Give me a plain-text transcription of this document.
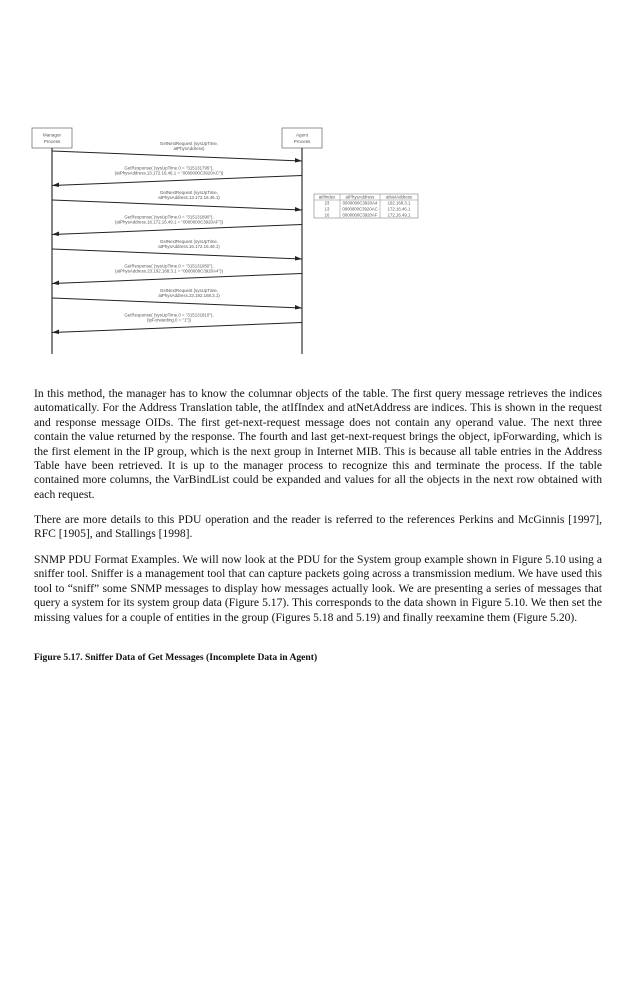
Manager
Process
Agent
Process
GetNextRequest (sysUpTime,
atPhysAddress)
GetResponse( (sysUpTime.0 = "315131795"),
(atPhysAddress.13.172.16.46.1 = "0000000C3920AC"))
GetNextRequest (sysUpTime,
atPhysAddress.13.172.16.46.1)
GetResponse( (sysUpTime.0 = "315131890"),
(atPhysAddress.16.172.16.49.1 = "0000000C3920AF"))
GetNextRequest (sysUpTime,
atPhysAddress.16.172.16.49.1)
GetResponse( (sysUpTime.0 = "315131950"),
(atPhysAddress.23.192.168.3.1 = "0000000C3920A4"))
GetNextRequest (sysUpTime,
atPhysAddress.23.192.168.3.1)
GetResponse( (sysUpTime.0 = "315131810"),
(ipForwarding.0 = "1"))
atIfIndex atPhysAddress	atNetAddress
23	0000000C3920A4 192.168.3.1
13	0000000C3920AC 172.16.46.1
16	0000000C3920AF 172.16.49.1

In this method, the manager has to know the columnar objects of the table. The first query message retrieves the indices automatically. For the Address Translation table, the atIfIndex and atNetAddress are indices. This is shown in the request and response message OIDs. The first get-next-request message does not contain any operand value. The next three contain the value returned by the response. The fourth and last get-next-request brings the object, ipForwarding, which is the first element in the IP group, which is the next group in Internet MIB. This is because all table entries in the Address Table have been retrieved. It is up to the manager process to recognize this and terminate the process. If the table contained more columns, the VarBindList could be expanded and values for all the objects in the next row obtained with each request.

There are more details to this PDU operation and the reader is referred to the references Perkins and McGinnis [1997], RFC [1905], and Stallings [1998].

SNMP PDU Format Examples. We will now look at the PDU for the System group example shown in Figure 5.10 using a sniffer tool. Sniffer is a management tool that can capture packets going across a transmission medium. We have used this tool to “sniff” some SNMP messages to display how messages actually look. We are presenting a series of messages that query a system for its system group data (Figure 5.17). This corresponds to the data shown in Figure 5.10. We then set the missing values for a couple of entities in the group (Figures 5.18 and 5.19) and finally reexamine them (Figure 5.20).

Figure 5.17. Sniffer Data of Get Messages (Incomplete Data in Agent)
